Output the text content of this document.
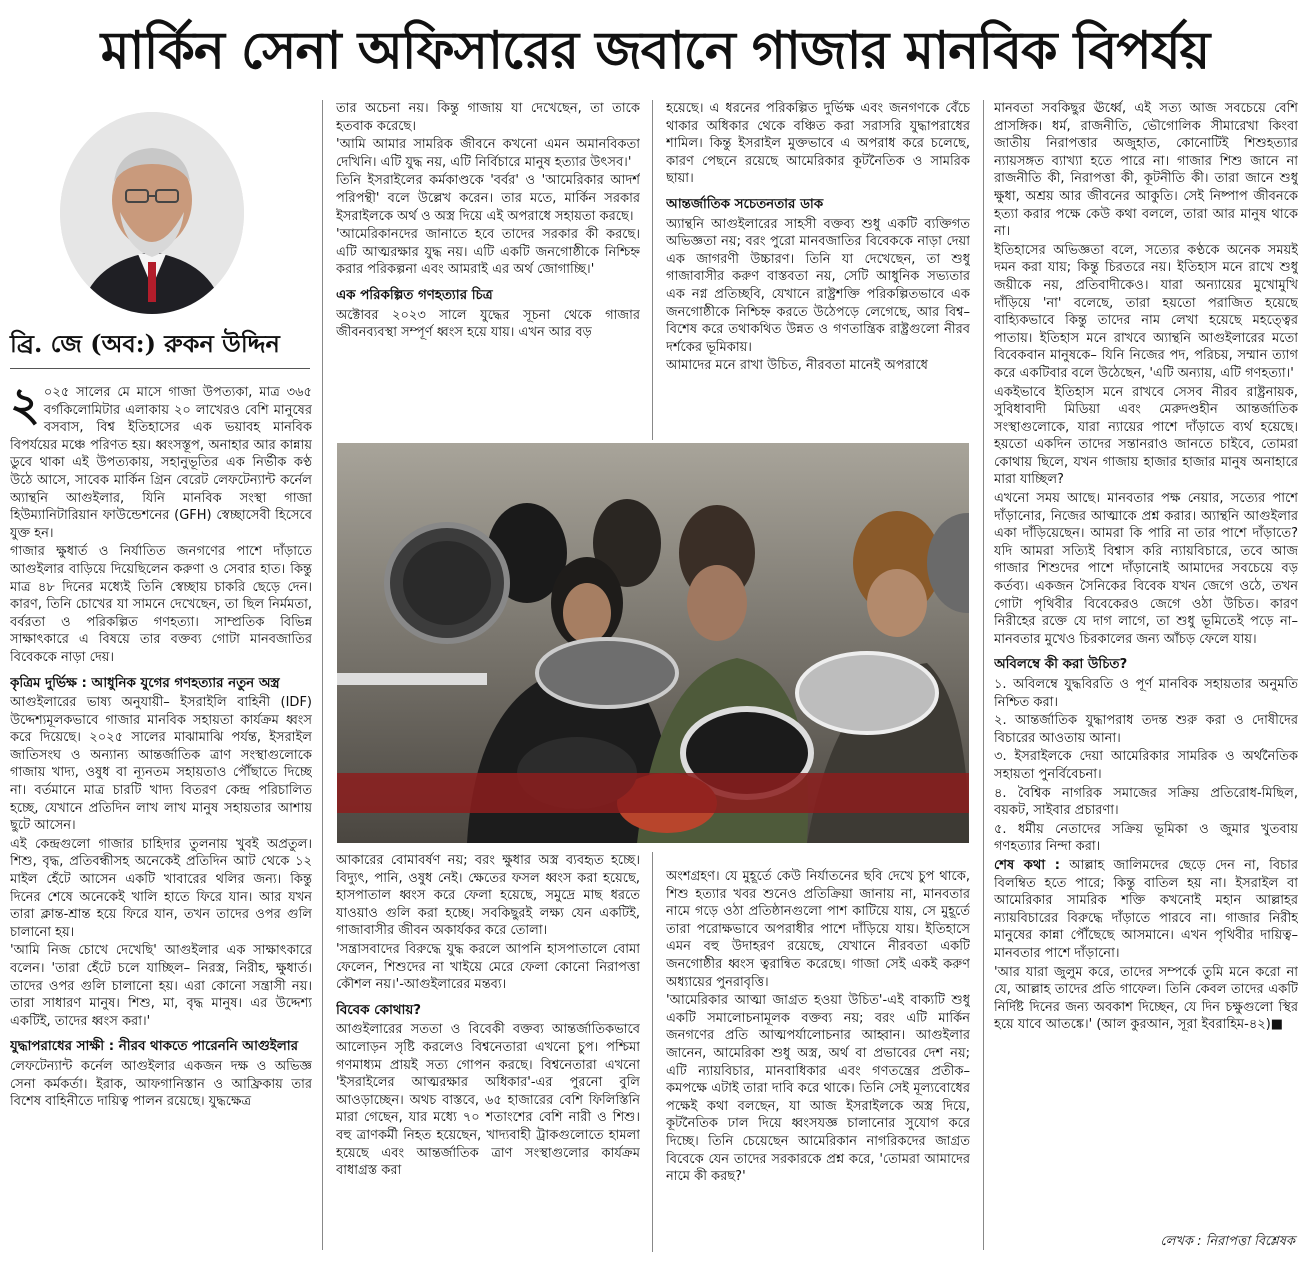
মার্কিন সেনা অফিসারের জবানে গাজার মানবিক বিপর্যয়
ব্রি. জে (অব:) রুকন উদ্দিন

২ ০২৫ সালের মে মাসে গাজা উপত্যকা, মাত্র ৩৬৫ বর্গকিলোমিটার এলাকায় ২০ লাখেরও বেশি মানুষের বসবাস, বিশ্ব ইতিহাসের এক ভয়াবহ মানবিক বিপর্যয়ের মঞ্চে পরিণত হয়। ধ্বংসস্তূপ, অনাহার আর কান্নায় ডুবে থাকা এই উপত্যকায়, সহানুভূতির এক নির্ভীক কণ্ঠ উঠে আসে, সাবেক মার্কিন গ্রিন বেরেট লেফটেন্যান্ট কর্নেল অ্যান্থনি আগুইলার, যিনি মানবিক সংস্থা গাজা হিউম্যানিটারিয়ান ফাউন্ডেশনের (GFH) স্বেচ্ছাসেবী হিসেবে যুক্ত হন।

গাজার ক্ষুধার্ত ও নির্যাতিত জনগণের পাশে দাঁড়াতে আগুইলার বাড়িয়ে দিয়েছিলেন করুণা ও সেবার হাত। কিন্তু মাত্র ৪৮ দিনের মধ্যেই তিনি স্বেচ্ছায় চাকরি ছেড়ে দেন। কারণ, তিনি চোখের যা সামনে দেখেছেন, তা ছিল নির্মমতা, বর্বরতা ও পরিকল্পিত গণহত্যা। সাম্প্রতিক বিভিন্ন সাক্ষাৎকারে এ বিষয়ে তার বক্তব্য গোটা মানবজাতির বিবেককে নাড়া দেয়।

কৃত্রিম দুর্ভিক্ষ : আধুনিক যুগের গণহত্যার নতুন অস্ত্র

আগুইলারের ভাষ্য অনুযায়ী– ইসরাইলি বাহিনী (IDF) উদ্দেশ্যমূলকভাবে গাজার মানবিক সহায়তা কার্যক্রম ধ্বংস করে দিয়েছে। ২০২৫ সালের মাঝামাঝি পর্যন্ত, ইসরাইল জাতিসংঘ ও অন্যান্য আন্তর্জাতিক ত্রাণ সংস্থাগুলোকে গাজায় খাদ্য, ওষুধ বা ন্যূনতম সহায়তাও পৌঁছাতে দিচ্ছে না। বর্তমানে মাত্র চারটি খাদ্য বিতরণ কেন্দ্র পরিচালিত হচ্ছে, যেখানে প্রতিদিন লাখ লাখ মানুষ সহায়তার আশায় ছুটে আসেন।

এই কেন্দ্রগুলো গাজার চাহিদার তুলনায় খুবই অপ্রতুল। শিশু, বৃদ্ধ, প্রতিবন্ধীসহ অনেকেই প্রতিদিন আট থেকে ১২ মাইল হেঁটে আসেন একটি খাবারের থলির জন্য। কিন্তু দিনের শেষে অনেকেই খালি হাতে ফিরে যান। আর যখন তারা ক্লান্ত-শ্রান্ত হয়ে ফিরে যান, তখন তাদের ওপর গুলি চালানো হয়।

'আমি নিজ চোখে দেখেছি' আগুইলার এক সাক্ষাৎকারে বলেন। 'তারা হেঁটে চলে যাচ্ছিল– নিরস্ত্র, নিরীহ, ক্ষুধার্ত। তাদের ওপর গুলি চালানো হয়। এরা কোনো সন্ত্রাসী নয়। তারা সাধারণ মানুষ। শিশু, মা, বৃদ্ধ মানুষ। এর উদ্দেশ্য একটিই, তাদের ধ্বংস করা।'

যুদ্ধাপরাধের সাক্ষী : নীরব থাকতে পারেননি আগুইলার

লেফটেন্যান্ট কর্নেল আগুইলার একজন দক্ষ ও অভিজ্ঞ সেনা কর্মকর্তা। ইরাক, আফগানিস্তান ও আফ্রিকায় তার বিশেষ বাহিনীতে দায়িত্ব পালন রয়েছে। যুদ্ধক্ষেত্র

তার অচেনা নয়। কিন্তু গাজায় যা দেখেছেন, তা তাকে হতবাক করেছে।

'আমি আমার সামরিক জীবনে কখনো এমন অমানবিকতা দেখিনি। এটি যুদ্ধ নয়, এটি নির্বিচারে মানুষ হত্যার উৎসব।'

তিনি ইসরাইলের কর্মকাণ্ডকে 'বর্বর' ও 'আমেরিকার আদর্শ পরিপন্থী' বলে উল্লেখ করেন। তার মতে, মার্কিন সরকার ইসরাইলকে অর্থ ও অস্ত্র দিয়ে এই অপরাধে সহায়তা করছে।

'আমেরিকানদের জানাতে হবে তাদের সরকার কী করছে। এটি আত্মরক্ষার যুদ্ধ নয়। এটি একটি জনগোষ্ঠীকে নিশ্চিহ্ন করার পরিকল্পনা এবং আমরাই এর অর্থ জোগাচ্ছি।'

এক পরিকল্পিত গণহত্যার চিত্র

অক্টোবর ২০২৩ সালে যুদ্ধের সূচনা থেকে গাজার জীবনব্যবস্থা সম্পূর্ণ ধ্বংস হয়ে যায়। এখন আর বড়

হয়েছে। এ ধরনের পরিকল্পিত দুর্ভিক্ষ এবং জনগণকে বেঁচে থাকার অধিকার থেকে বঞ্চিত করা সরাসরি যুদ্ধাপরাধের শামিল। কিন্তু ইসরাইল মুক্তভাবে এ অপরাধ করে চলেছে, কারণ পেছনে রয়েছে আমেরিকার কূটনৈতিক ও সামরিক ছায়া।

আন্তর্জাতিক সচেতনতার ডাক

অ্যান্থনি আগুইলারের সাহসী বক্তব্য শুধু একটি ব্যক্তিগত অভিজ্ঞতা নয়; বরং পুরো মানবজাতির বিবেককে নাড়া দেয়া এক জাগরণী উচ্চারণ। তিনি যা দেখেছেন, তা শুধু গাজাবাসীর করুণ বাস্তবতা নয়, সেটি আধুনিক সভ্যতার এক নগ্ন প্রতিচ্ছবি, যেখানে রাষ্ট্রশক্তি পরিকল্পিতভাবে এক জনগোষ্ঠীকে নিশ্চিহ্ন করতে উঠেপড়ে লেগেছে, আর বিশ্ব– বিশেষ করে তথাকথিত উন্নত ও গণতান্ত্রিক রাষ্ট্রগুলো নীরব দর্শকের ভূমিকায়।

আমাদের মনে রাখা উচিত, নীরবতা মানেই অপরাধে

আকারের বোমাবর্ষণ নয়; বরং ক্ষুধার অস্ত্র ব্যবহৃত হচ্ছে। বিদ্যুৎ, পানি, ওষুধ নেই। ক্ষেতের ফসল ধ্বংস করা হয়েছে, হাসপাতাল ধ্বংস করে ফেলা হয়েছে, সমুদ্রে মাছ ধরতে যাওয়াও গুলি করা হচ্ছে। সবকিছুরই লক্ষ্য যেন একটিই, গাজাবাসীর জীবন অকার্যকর করে তোলা।

'সন্ত্রাসবাদের বিরুদ্ধে যুদ্ধ করলে আপনি হাসপাতালে বোমা ফেলেন, শিশুদের না খাইয়ে মেরে ফেলা কোনো নিরাপত্তা কৌশল নয়।'-আগুইলারের মন্তব্য।

বিবেক কোথায়?

আগুইলারের সততা ও বিবেকী বক্তব্য আন্তর্জাতিকভাবে আলোড়ন সৃষ্টি করলেও বিশ্বনেতারা এখনো চুপ। পশ্চিমা গণমাধ্যম প্রায়ই সত্য গোপন করছে। বিশ্বনেতারা এখনো 'ইসরাইলের আত্মরক্ষার অধিকার'-এর পুরনো বুলি আওড়াচ্ছেন। অথচ বাস্তবে, ৬৫ হাজারের বেশি ফিলিস্তিনি মারা গেছেন, যার মধ্যে ৭০ শতাংশের বেশি নারী ও শিশু। বহু ত্রাণকর্মী নিহত হয়েছেন, খাদ্যবাহী ট্রাকগুলোতে হামলা হয়েছে এবং আন্তর্জাতিক ত্রাণ সংস্থাগুলোর কার্যক্রম বাধাগ্রস্ত করা

অংশগ্রহণ। যে মুহূর্তে কেউ নির্যাতনের ছবি দেখে চুপ থাকে, শিশু হত্যার খবর শুনেও প্রতিক্রিয়া জানায় না, মানবতার নামে গড়ে ওঠা প্রতিষ্ঠানগুলো পাশ কাটিয়ে যায়, সে মুহূর্তে তারা পরোক্ষভাবে অপরাধীর পাশে দাঁড়িয়ে যায়। ইতিহাসে এমন বহু উদাহরণ রয়েছে, যেখানে নীরবতা একটি জনগোষ্ঠীর ধ্বংস ত্বরান্বিত করেছে। গাজা সেই একই করুণ অধ্যায়ের পুনরাবৃত্তি।

'আমেরিকার আত্মা জাগ্রত হওয়া উচিত'-এই বাক্যটি শুধু একটি সমালোচনামূলক বক্তব্য নয়; বরং এটি মার্কিন জনগণের প্রতি আত্মপর্যালোচনার আহ্বান। আগুইলার জানেন, আমেরিকা শুধু অস্ত্র, অর্থ বা প্রভাবের দেশ নয়; এটি ন্যায়বিচার, মানবাধিকার এবং গণতন্ত্রের প্রতীক– কমপক্ষে এটাই তারা দাবি করে থাকে। তিনি সেই মূল্যবোধের পক্ষেই কথা বলছেন, যা আজ ইসরাইলকে অস্ত্র দিয়ে, কূটনৈতিক ঢাল দিয়ে ধ্বংসযজ্ঞ চালানোর সুযোগ করে দিচ্ছে। তিনি চেয়েছেন আমেরিকান নাগরিকদের জাগ্রত বিবেকে যেন তাদের সরকারকে প্রশ্ন করে, 'তোমরা আমাদের নামে কী করছ?'

মানবতা সবকিছুর ঊর্ধ্বে, এই সত্য আজ সবচেয়ে বেশি প্রাসঙ্গিক। ধর্ম, রাজনীতি, ভৌগোলিক সীমারেখা কিংবা জাতীয় নিরাপত্তার অজুহাত, কোনোটিই শিশুহত্যার ন্যায়সঙ্গত ব্যাখ্যা হতে পারে না। গাজার শিশু জানে না রাজনীতি কী, নিরাপত্তা কী, কূটনীতি কী। তারা জানে শুধু ক্ষুধা, অশ্রয় আর জীবনের আকুতি। সেই নিষ্পাপ জীবনকে হত্যা করার পক্ষে কেউ কথা বললে, তারা আর মানুষ থাকে না।

ইতিহাসের অভিজ্ঞতা বলে, সত্যের কণ্ঠকে অনেক সময়ই দমন করা যায়; কিন্তু চিরতরে নয়। ইতিহাস মনে রাখে শুধু জয়ীকে নয়, প্রতিবাদীকেও। যারা অন্যায়ের মুখোমুখি দাঁড়িয়ে 'না' বলেছে, তারা হয়তো পরাজিত হয়েছে বাহ্যিকভাবে কিন্তু তাদের নাম লেখা হয়েছে মহত্ত্বের পাতায়। ইতিহাস মনে রাখবে অ্যান্থনি আগুইলারের মতো বিবেকবান মানুষকে– যিনি নিজের পদ, পরিচয়, সম্মান ত্যাগ করে একটিবার বলে উঠেছেন, 'এটি অন্যায়, এটি গণহত্যা।'

একইভাবে ইতিহাস মনে রাখবে সেসব নীরব রাষ্ট্রনায়ক, সুবিধাবাদী মিডিয়া এবং মেরুদণ্ডহীন আন্তর্জাতিক সংস্থাগুলোকে, যারা ন্যায়ের পাশে দাঁড়াতে ব্যর্থ হয়েছে। হয়তো একদিন তাদের সন্তানরাও জানতে চাইবে, তোমরা কোথায় ছিলে, যখন গাজায় হাজার হাজার মানুষ অনাহারে মারা যাচ্ছিল?

এখনো সময় আছে। মানবতার পক্ষ নেয়ার, সত্যের পাশে দাঁড়ানোর, নিজের আত্মাকে প্রশ্ন করার। অ্যান্থনি আগুইলার একা দাঁড়িয়েছেন। আমরা কি পারি না তার পাশে দাঁড়াতে? যদি আমরা সত্যিই বিশ্বাস করি ন্যায়বিচারে, তবে আজ গাজার শিশুদের পাশে দাঁড়ানোই আমাদের সবচেয়ে বড় কর্তব্য। একজন সৈনিকের বিবেক যখন জেগে ওঠে, তখন গোটা পৃথিবীর বিবেকেরও জেগে ওঠা উচিত। কারণ নিরীহের রক্তে যে দাগ লাগে, তা শুধু ভূমিতেই পড়ে না– মানবতার মুখেও চিরকালের জন্য আঁচড় ফেলে যায়।

অবিলম্বে কী করা উচিত?

১. অবিলম্বে যুদ্ধবিরতি ও পূর্ণ মানবিক সহায়তার অনুমতি নিশ্চিত করা।

২. আন্তর্জাতিক যুদ্ধাপরাধ তদন্ত শুরু করা ও দোষীদের বিচারের আওতায় আনা।

৩. ইসরাইলকে দেয়া আমেরিকার সামরিক ও অর্থনৈতিক সহায়তা পুনর্বিবেচনা।

৪. বৈশ্বিক নাগরিক সমাজের সক্রিয় প্রতিরোধ-মিছিল, বয়কট, সাইবার প্রচারণা।

৫. ধর্মীয় নেতাদের সক্রিয় ভূমিকা ও জুমার খুতবায় গণহত্যার নিন্দা করা।

শেষ কথা : আল্লাহ জালিমদের ছেড়ে দেন না, বিচার বিলম্বিত হতে পারে; কিন্তু বাতিল হয় না। ইসরাইল বা আমেরিকার সামরিক শক্তি কখনোই মহান আল্লাহর ন্যায়বিচারের বিরুদ্ধে দাঁড়াতে পারবে না। গাজার নিরীহ মানুষের কান্না পৌঁছেছে আসমানে। এখন পৃথিবীর দায়িত্ব– মানবতার পাশে দাঁড়ানো।

'আর যারা জুলুম করে, তাদের সম্পর্কে তুমি মনে করো না যে, আল্লাহ তাদের প্রতি গাফেল। তিনি কেবল তাদের একটি নির্দিষ্ট দিনের জন্য অবকাশ দিচ্ছেন, যে দিন চক্ষুগুলো স্থির হয়ে যাবে আতঙ্কে।' (আল কুরআন, সূরা ইবরাহিম-৪২)■

লেখক : নিরাপত্তা বিশ্লেষক
